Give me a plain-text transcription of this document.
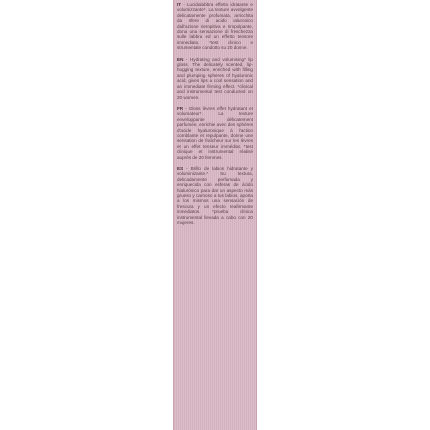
IT - Lucidalabbra effetto idratante e volumizzante*. La texture avvolgente delicatamente profumata, arricchita da sfere di acido ialuronico dall'azione riempitiva e rimpolpante, dona una sensazione di freschezza sulle labbra ed un effetto tensore immediato. *test clinico e strumentale condotto su 20 donne.

EN - Hydrating and volumising* lip gloss. The delicately scented, lip-hugging texture, enriched with filling and plumping spheres of hyaluronic acid, gives lips a cool sensation and an immediate firming effect. *clinical and instrumental test conducted on 20 women.

FR - Gloss lèvres effet hydratant et volumateur*. La texture enveloppante délicatement parfumée, enrichie avec des sphères d'acide hyaluronique à l'action comblante et repulpante, donne une sensation de fraîcheur sur les lèvres et un effet tenseur immédiat. *test clinique et instrumental réalisé auprès de 20 femmes.

ES - Brillo de labios hidratante y voluminizante.* Su textura, delicadamente perfumada y enriquecida con esferas de ácido hialurónico para dar un aspecto más grueso y carnoso a tus labios, aporta a los mismos una sensación de frescura y un efecto reafirmante inmediatos. *prueba clínica instrumental llevada a cabo con 20 mujeres.
